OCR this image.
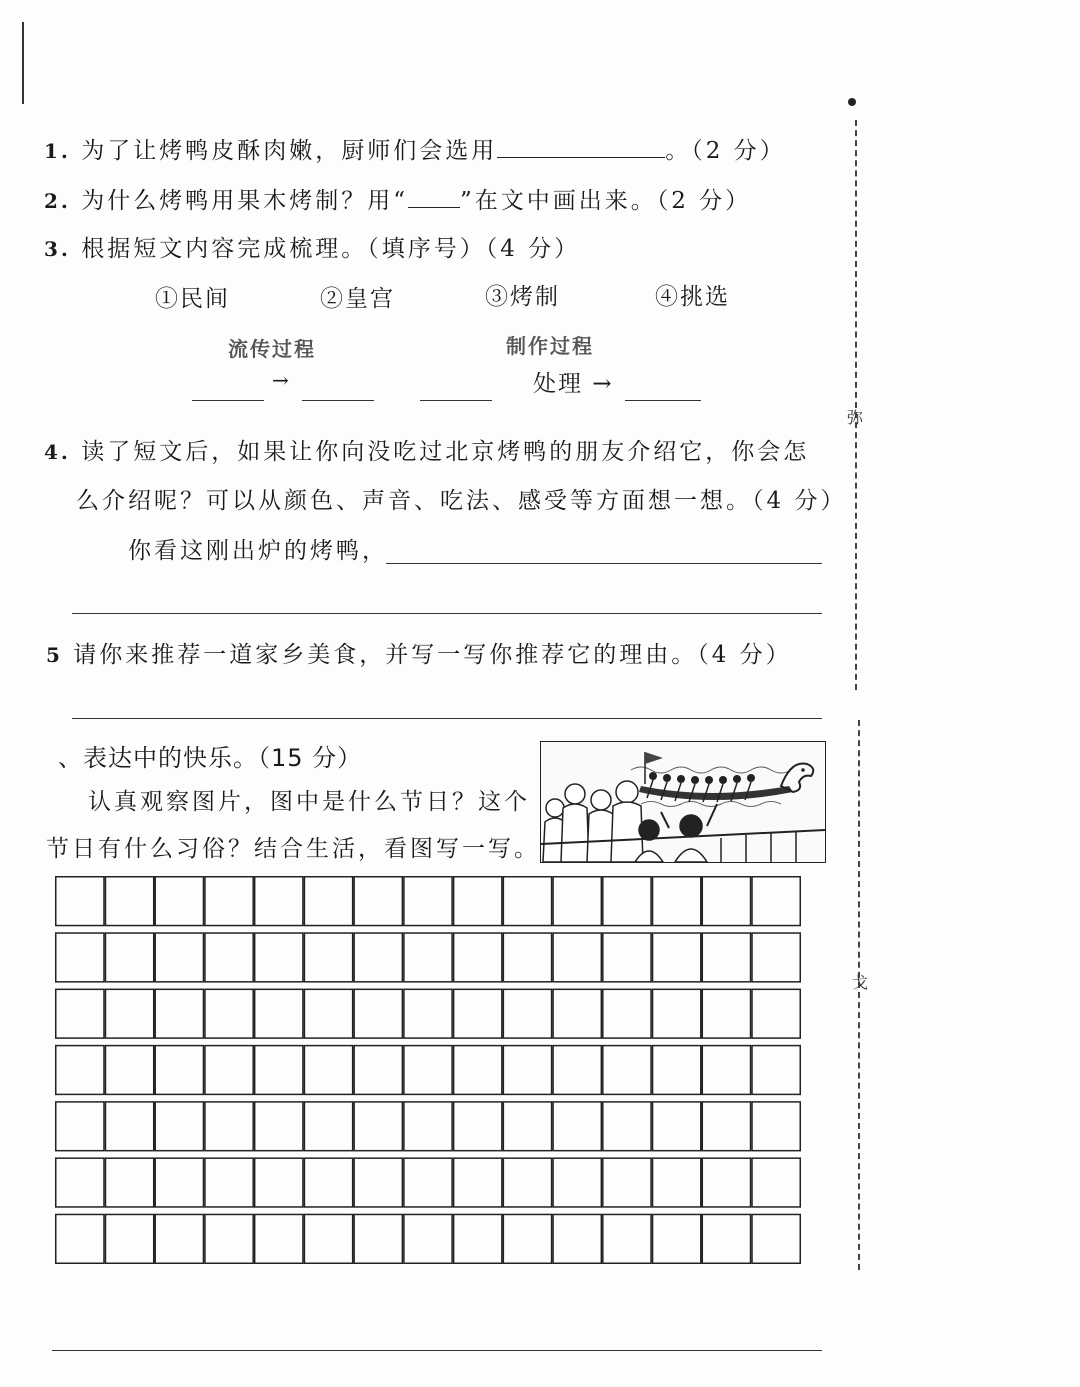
弥
戈
1. 为了让烤鸭皮酥肉嫩，厨师们会选用	。（2 分）
2. 为什么烤鸭用果木烤制？用“ ”在文中画出来。（2 分）
3. 根据短文内容完成梳理。（填序号）（4 分）
①民间	②皇宫	③烤制	④挑选
流传过程	制作过程
→	处理 →
4. 读了短文后，如果让你向没吃过北京烤鸭的朋友介绍它，你会怎
么介绍呢？可以从颜色、声音、吃法、感受等方面想一想。（4 分）
你看这刚出炉的烤鸭，
5 请你来推荐一道家乡美食，并写一写你推荐它的理由。（4 分）
、表达中的快乐。（15 分）
认真观察图片，图中是什么节日？这个
节日有什么习俗？结合生活，看图写一写。
